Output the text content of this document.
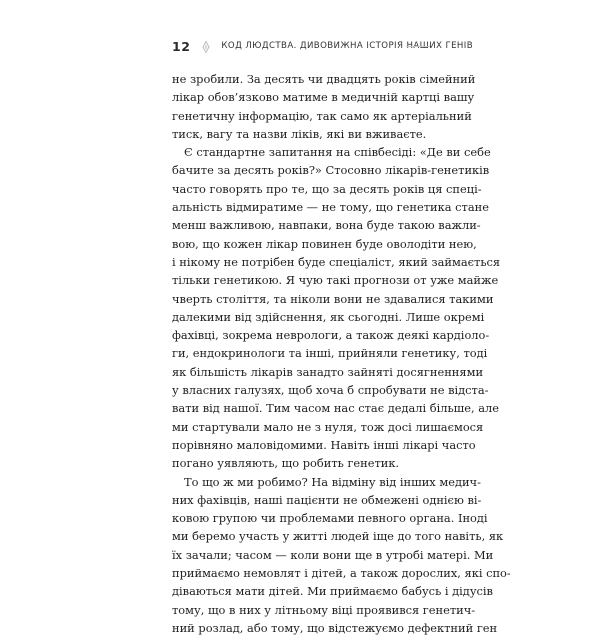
12	КОД ЛЮДСТВА. ДИВОВИЖНА ІСТОРІЯ НАШИХ ГЕНІВ
не зробили. За десять чи двадцять років сімейний
лікар обов’язково матиме в медичній картці вашу
генетичну інформацію, так само як артеріальний
тиск, вагу та назви ліків, які ви вживаєте.
Є стандартне запитання на співбесіді: «Де ви себе
бачите за десять років?» Стосовно лікарів-генетиків
часто говорять про те, що за десять років ця спеці-
альність відмиратиме — не тому, що генетика стане
менш важливою, навпаки, вона буде такою важли-
вою, що кожен лікар повинен буде оволодіти нею,
і нікому не потрібен буде спеціаліст, який займається
тільки генетикою. Я чую такі прогнози от уже майже
чверть століття, та ніколи вони не здавалися такими
далекими від здійснення, як сьогодні. Лише окремі
фахівці, зокрема неврологи, а також деякі кардіоло-
ги, ендокринологи та інші, прийняли генетику, тоді
як більшість лікарів занадто зайняті досягненнями
у власних галузях, щоб хоча б спробувати не відста-
вати від нашої. Тим часом нас стає дедалі більше, але
ми стартували мало не з нуля, тож досі лишаємося
порівняно маловідомими. Навіть інші лікарі часто
погано уявляють, що робить генетик.
То що ж ми робимо? На відміну від інших медич-
них фахівців, наші пацієнти не обмежені однією ві-
ковою групою чи проблемами певного органа. Іноді
ми беремо участь у житті людей іще до того навіть, як
їх зачали; часом — коли вони ще в утробі матері. Ми
приймаємо немовлят і дітей, а також дорослих, які спо-
діваються мати дітей. Ми приймаємо бабусь і дідусів
тому, що в них у літньому віці проявився генетич-
ний розлад, або тому, що відстежуємо дефектний ген
